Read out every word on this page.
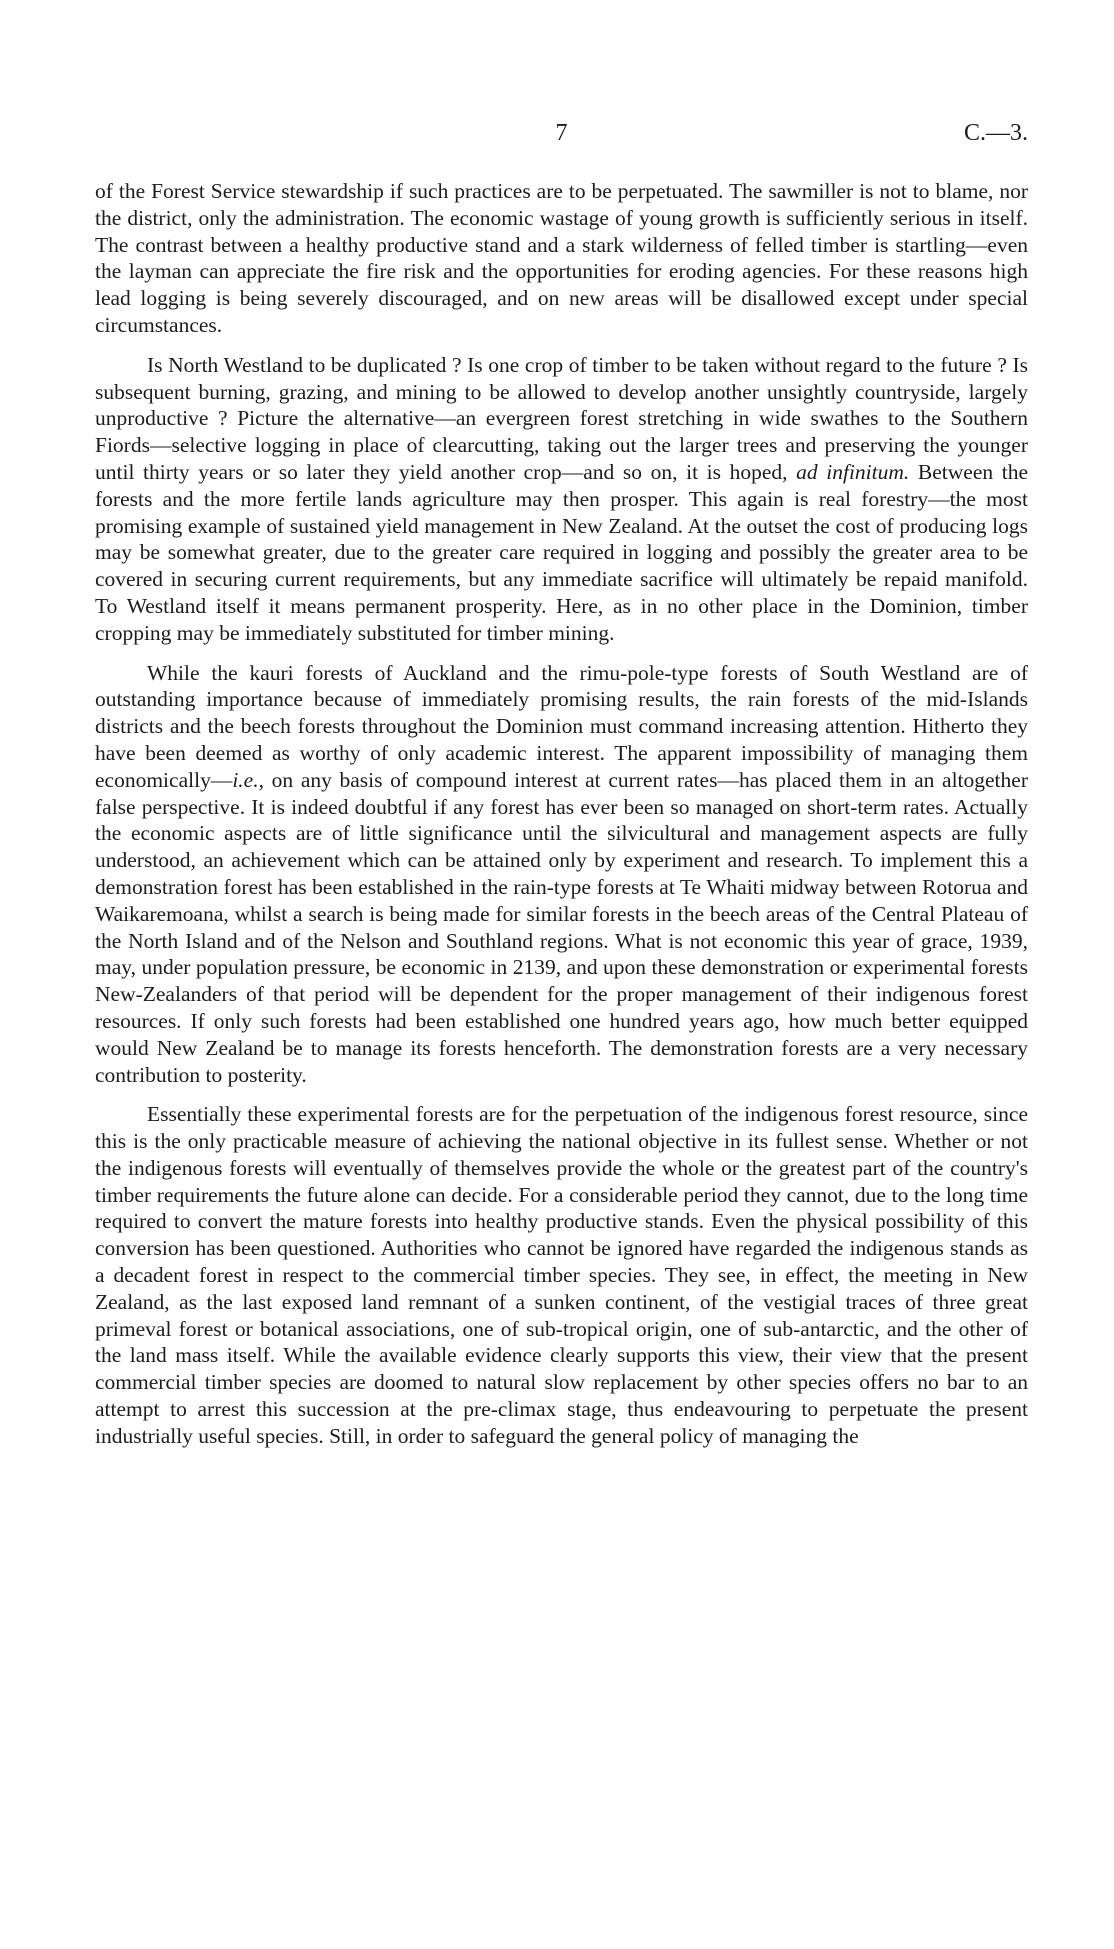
7	C.—3.

of the Forest Service stewardship if such practices are to be perpetuated. The sawmiller is not to blame, nor the district, only the administration. The economic wastage of young growth is sufficiently serious in itself. The contrast between a healthy productive stand and a stark wilderness of felled timber is startling—even the layman can appreciate the fire risk and the opportunities for eroding agencies. For these reasons high lead logging is being severely discouraged, and on new areas will be disallowed except under special circumstances.

Is North Westland to be duplicated ? Is one crop of timber to be taken without regard to the future ? Is subsequent burning, grazing, and mining to be allowed to develop another unsightly countryside, largely unproductive ? Picture the alternative—an evergreen forest stretching in wide swathes to the Southern Fiords—selective logging in place of clearcutting, taking out the larger trees and preserving the younger until thirty years or so later they yield another crop—and so on, it is hoped, ad infinitum. Between the forests and the more fertile lands agriculture may then prosper. This again is real forestry—the most promising example of sustained yield management in New Zealand. At the outset the cost of producing logs may be somewhat greater, due to the greater care required in logging and possibly the greater area to be covered in securing current requirements, but any immediate sacrifice will ultimately be repaid manifold. To Westland itself it means permanent prosperity. Here, as in no other place in the Dominion, timber cropping may be immediately substituted for timber mining.

While the kauri forests of Auckland and the rimu-pole-type forests of South Westland are of outstanding importance because of immediately promising results, the rain forests of the mid-Islands districts and the beech forests throughout the Dominion must command increasing attention. Hitherto they have been deemed as worthy of only academic interest. The apparent impossibility of managing them economically—i.e., on any basis of compound interest at current rates—has placed them in an altogether false perspective. It is indeed doubtful if any forest has ever been so managed on short-term rates. Actually the economic aspects are of little significance until the silvicultural and management aspects are fully understood, an achievement which can be attained only by experiment and research. To implement this a demonstration forest has been established in the rain-type forests at Te Whaiti midway between Rotorua and Waikaremoana, whilst a search is being made for similar forests in the beech areas of the Central Plateau of the North Island and of the Nelson and Southland regions. What is not economic this year of grace, 1939, may, under population pressure, be economic in 2139, and upon these demonstration or experimental forests New-Zealanders of that period will be dependent for the proper management of their indigenous forest resources. If only such forests had been established one hundred years ago, how much better equipped would New Zealand be to manage its forests henceforth. The demonstration forests are a very necessary contribution to posterity.

Essentially these experimental forests are for the perpetuation of the indigenous forest resource, since this is the only practicable measure of achieving the national objective in its fullest sense. Whether or not the indigenous forests will eventually of themselves provide the whole or the greatest part of the country's timber requirements the future alone can decide. For a considerable period they cannot, due to the long time required to convert the mature forests into healthy productive stands. Even the physical possibility of this conversion has been questioned. Authorities who cannot be ignored have regarded the indigenous stands as a decadent forest in respect to the commercial timber species. They see, in effect, the meeting in New Zealand, as the last exposed land remnant of a sunken continent, of the vestigial traces of three great primeval forest or botanical associations, one of sub-tropical origin, one of sub-antarctic, and the other of the land mass itself. While the available evidence clearly supports this view, their view that the present commercial timber species are doomed to natural slow replacement by other species offers no bar to an attempt to arrest this succession at the pre-climax stage, thus endeavouring to perpetuate the present industrially useful species. Still, in order to safeguard the general policy of managing the
